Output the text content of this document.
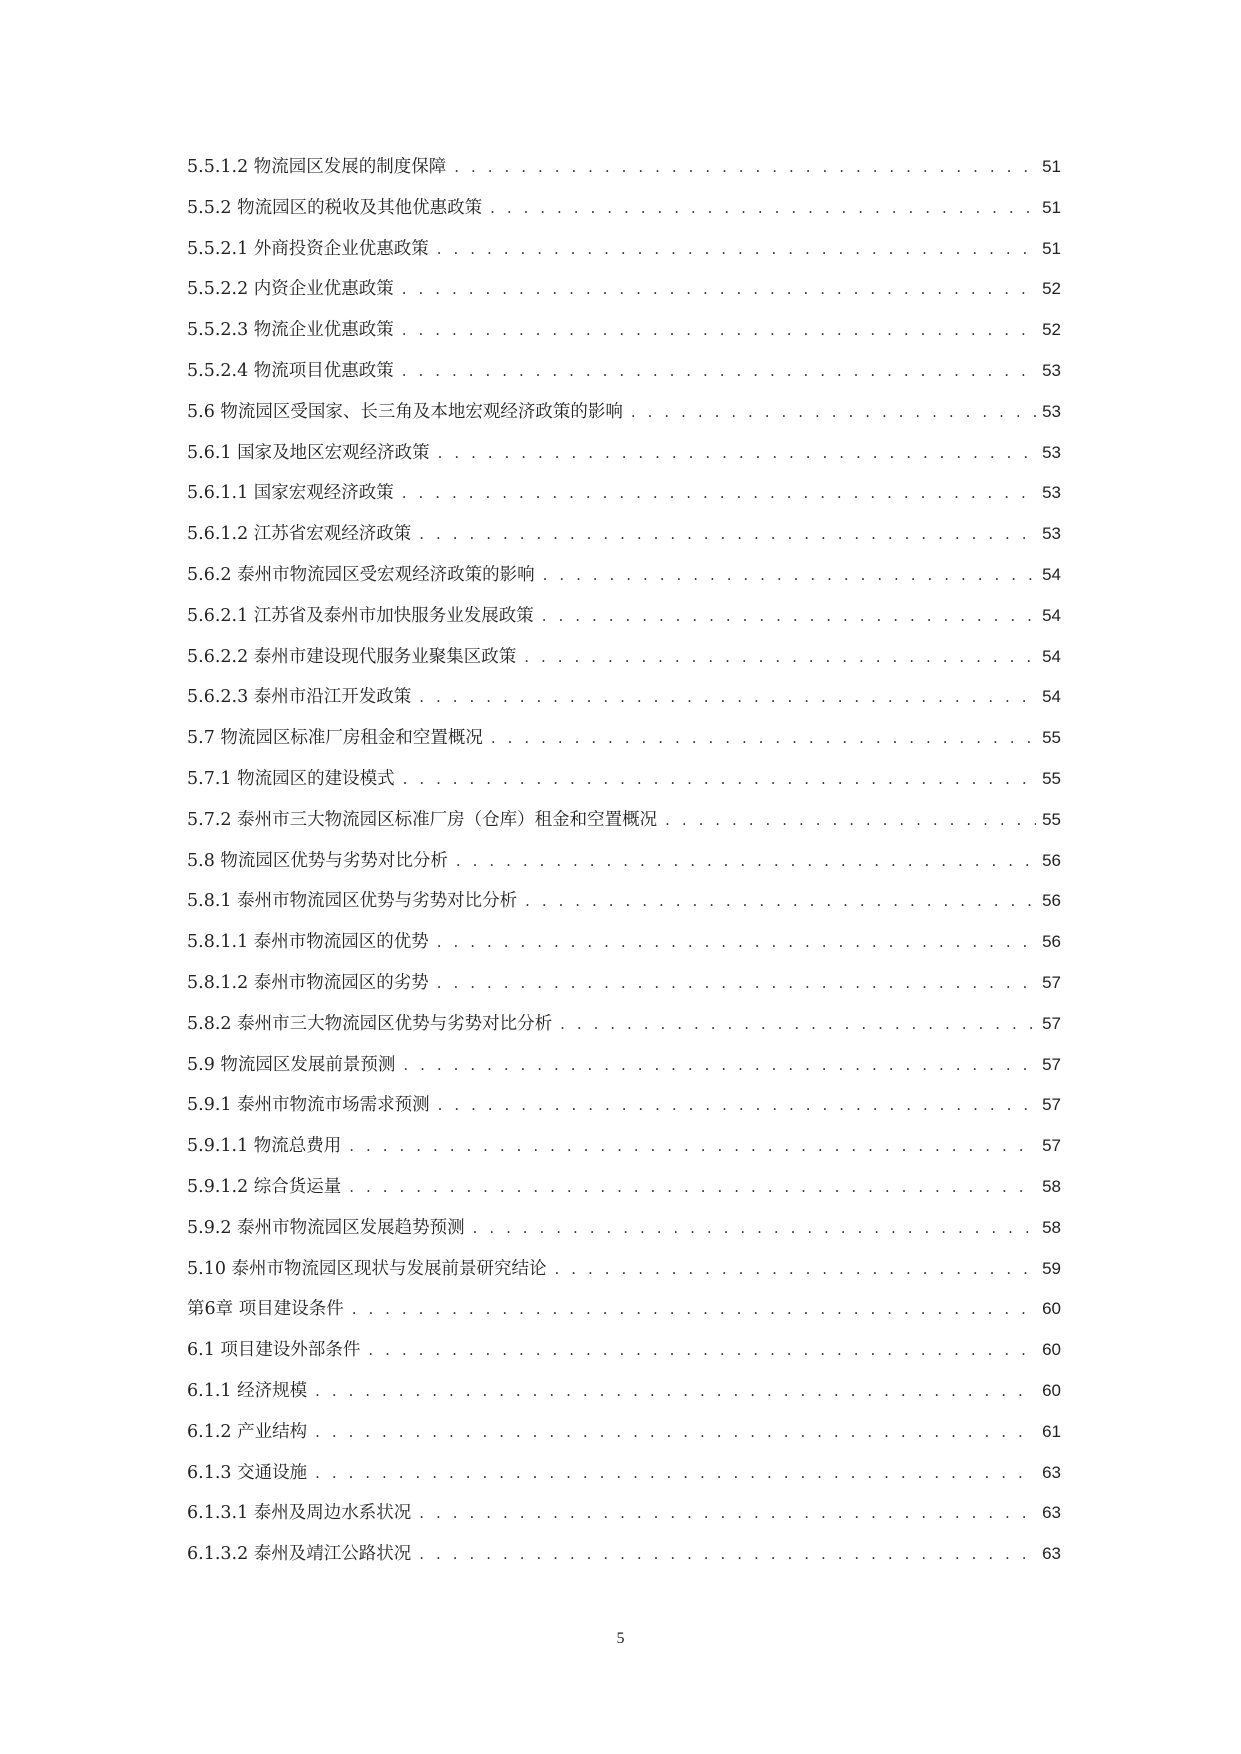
5.5.1.2 物流园区发展的制度保障 . . .	51
5.5.2 物流园区的税收及其他优惠政策 . . .	51
5.5.2.1 外商投资企业优惠政策 . . .	51
5.5.2.2 内资企业优惠政策 . . .	52
5.5.2.3 物流企业优惠政策 . . .	52
5.5.2.4 物流项目优惠政策 . . .	53
5.6 物流园区受国家、长三角及本地宏观经济政策的影响 . . .	53
5.6.1 国家及地区宏观经济政策 . . .	53
5.6.1.1 国家宏观经济政策 . . .	53
5.6.1.2 江苏省宏观经济政策 . . .	53
5.6.2 泰州市物流园区受宏观经济政策的影响 . . .	54
5.6.2.1 江苏省及泰州市加快服务业发展政策 . . .	54
5.6.2.2 泰州市建设现代服务业聚集区政策 . . .	54
5.6.2.3 泰州市沿江开发政策 . . .	54
5.7 物流园区标准厂房租金和空置概况 . . .	55
5.7.1 物流园区的建设模式 . . .	55
5.7.2 泰州市三大物流园区标准厂房（仓库）租金和空置概况 . . .	55
5.8 物流园区优势与劣势对比分析 . . .	56
5.8.1 泰州市物流园区优势与劣势对比分析 . . .	56
5.8.1.1 泰州市物流园区的优势 . . .	56
5.8.1.2 泰州市物流园区的劣势 . . .	57
5.8.2 泰州市三大物流园区优势与劣势对比分析 . . .	57
5.9 物流园区发展前景预测 . . .	57
5.9.1 泰州市物流市场需求预测 . . .	57
5.9.1.1 物流总费用 . . .	57
5.9.1.2 综合货运量 . . .	58
5.9.2 泰州市物流园区发展趋势预测 . . .	58
5.10 泰州市物流园区现状与发展前景研究结论 . . .	59
第6章 项目建设条件 . . .	60
6.1 项目建设外部条件 . . .	60
6.1.1 经济规模 . . .	60
6.1.2 产业结构 . . .	61
6.1.3 交通设施 . . .	63
6.1.3.1 泰州及周边水系状况 . . .	63
6.1.3.2 泰州及靖江公路状况 . . .	63
5
